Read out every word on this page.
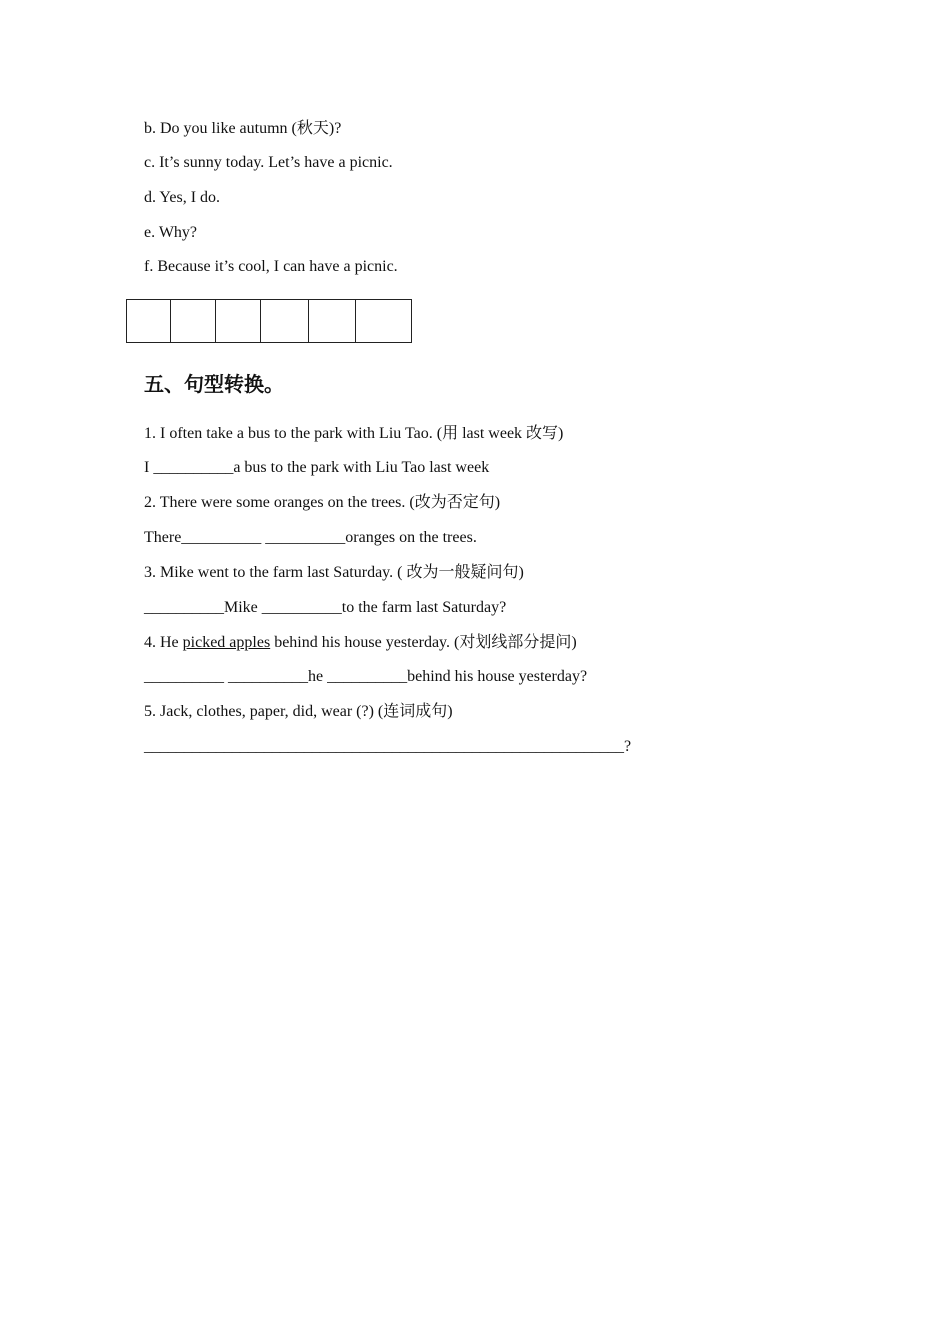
b. Do you like autumn (秋天)?
c. It’s sunny today. Let’s have a picnic.
d. Yes, I do.
e. Why?
f. Because it’s cool, I can have a picnic.

五、句型转换。
1. I often take a bus to the park with Liu Tao. (用 last week 改写)
I __________a bus to the park with Liu Tao last week
2. There were some oranges on the trees. (改为否定句)
There__________ __________oranges on the trees.
3. Mike went to the farm last Saturday. ( 改为一般疑问句)
__________Mike __________to the farm last Saturday?
4. He picked apples behind his house yesterday. (对划线部分提问)
__________ __________he __________behind his house yesterday?
5. Jack, clothes, paper, did, wear (?) (连词成句)
____________________________________________________________?
